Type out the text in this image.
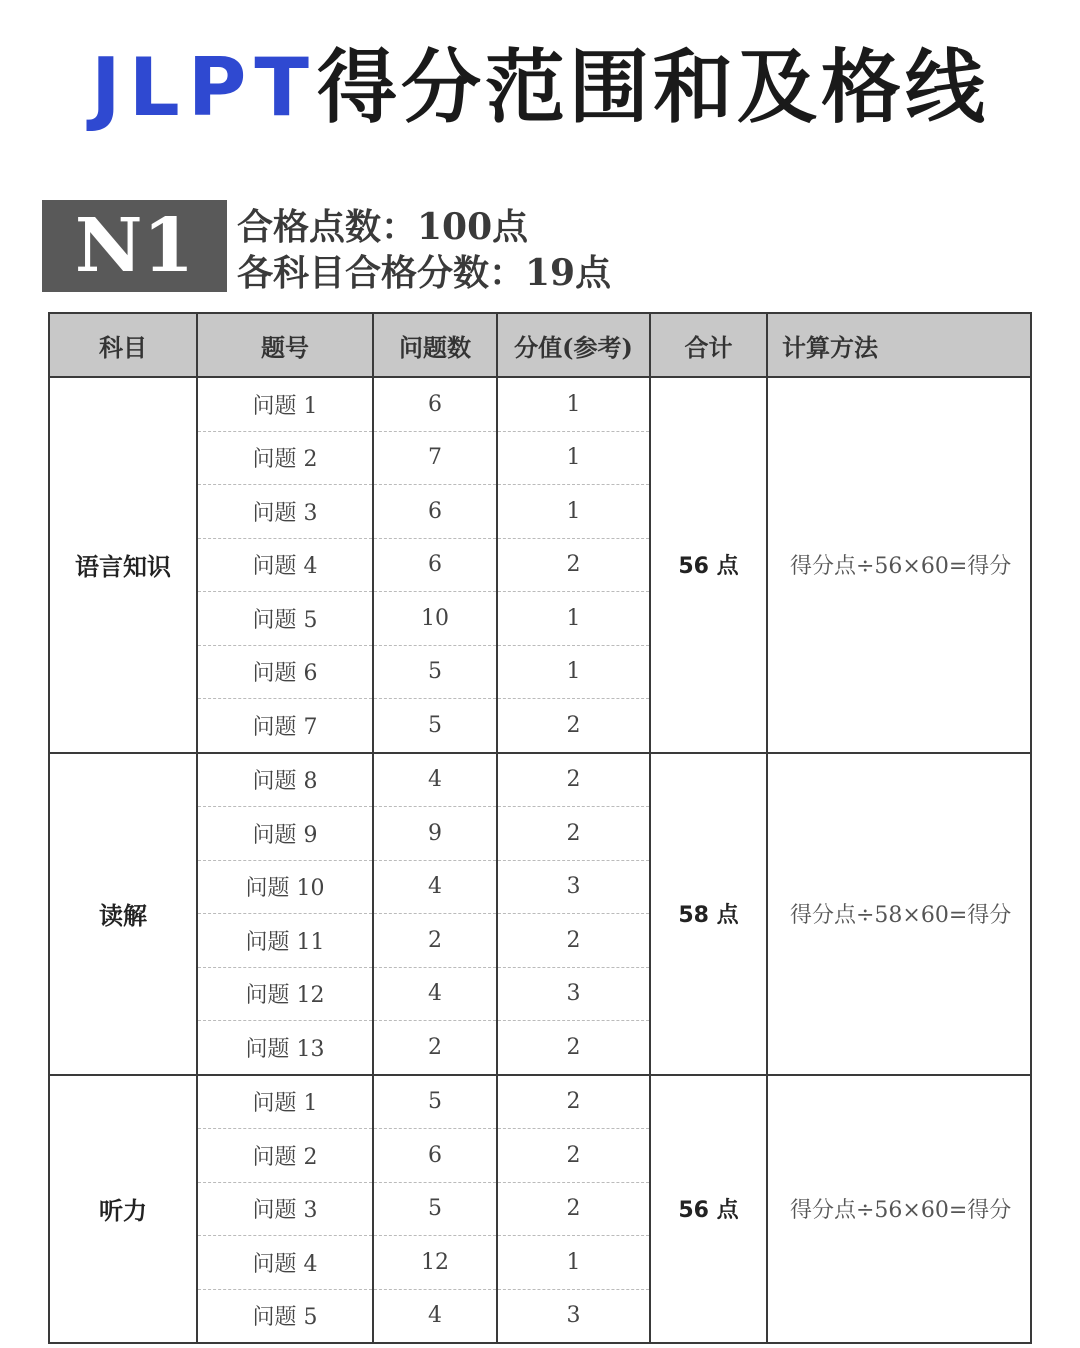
JLPT得分范围和及格线
N1	合格点数：100点
各科目合格分数：19点
科目	题号	问题数	分值(参考)	合计	计算方法
语言知识	问题 1	6	1	56 点	得分点÷56×60=得分
	问题 2	7	1		
	问题 3	6	1		
	问题 4	6	2		
	问题 5	10	1		
	问题 6	5	1		
	问题 7	5	2		
读解	问题 8	4	2	58 点	得分点÷58×60=得分
	问题 9	9	2		
	问题 10	4	3		
	问题 11	2	2		
	问题 12	4	3		
	问题 13	2	2		
听力	问题 1	5	2	56 点	得分点÷56×60=得分
	问题 2	6	2		
	问题 3	5	2		
	问题 4	12	1		
	问题 5	4	3		
